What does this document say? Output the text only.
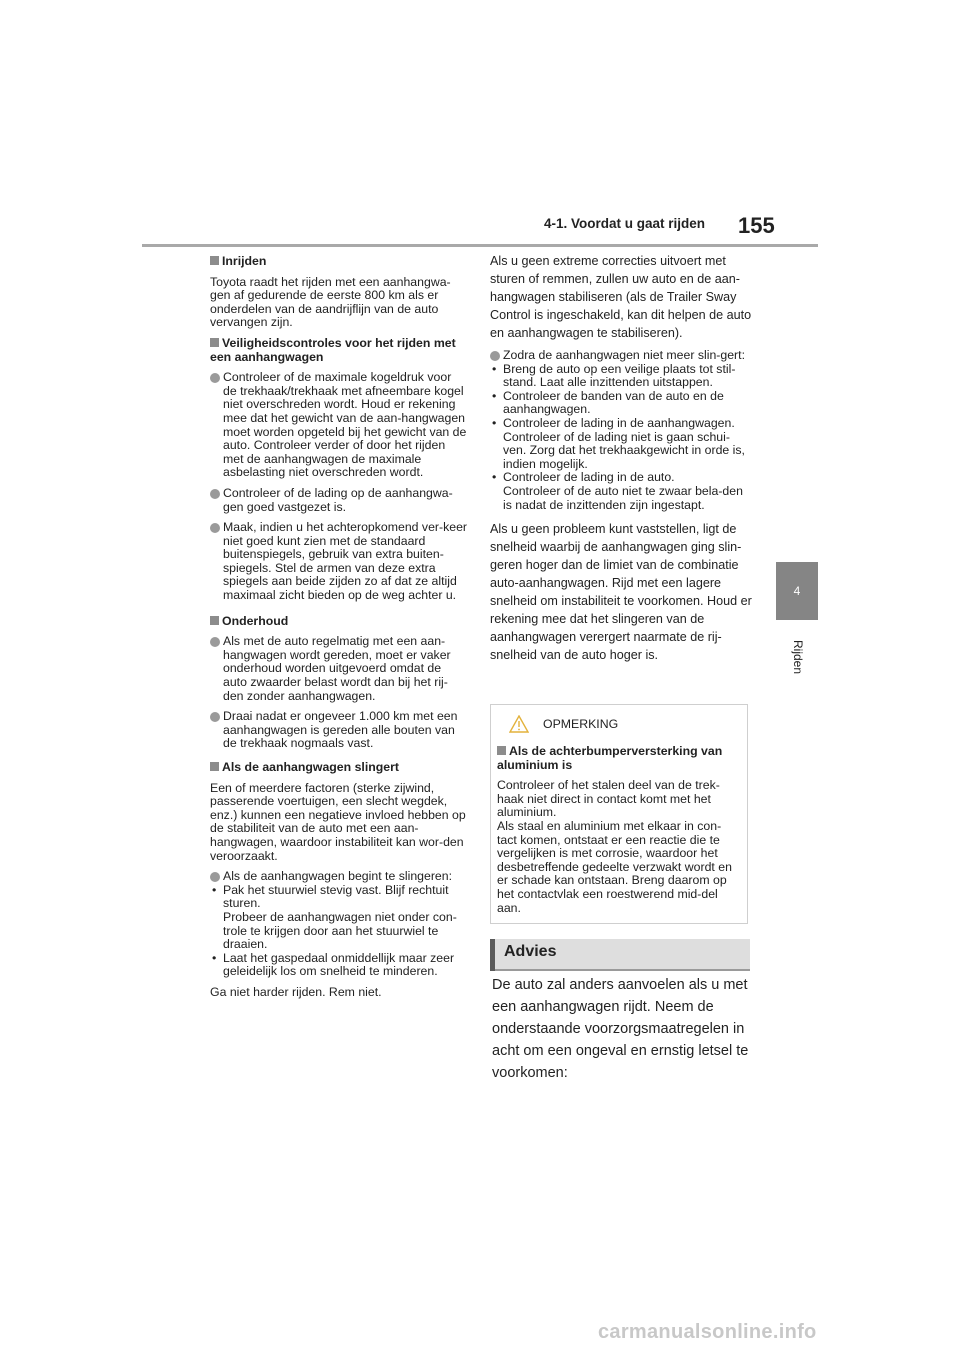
4-1. Voordat u gaat rijden 155
4
Rijden

Inrijden

Toyota raadt het rijden met een aanhangwa-gen af gedurende de eerste 800 km als er onderdelen van de aandrijflijn van de auto vervangen zijn.

Veiligheidscontroles voor het rijden met een aanhangwagen

Controleer of de maximale kogeldruk voor de trekhaak/trekhaak met afneembare kogel niet overschreden wordt. Houd er rekening mee dat het gewicht van de aan-hangwagen moet worden opgeteld bij het gewicht van de auto. Controleer verder of door het rijden met de aanhangwagen de maximale asbelasting niet overschreden wordt.
Controleer of de lading op de aanhangwa-gen goed vastgezet is.
Maak, indien u het achteropkomend ver-keer niet goed kunt zien met de standaard buitenspiegels, gebruik van extra buiten-spiegels. Stel de armen van deze extra spiegels aan beide zijden zo af dat ze altijd maximaal zicht bieden op de weg achter u.

Onderhoud

Als met de auto regelmatig met een aan-hangwagen wordt gereden, moet er vaker onderhoud worden uitgevoerd omdat de auto zwaarder belast wordt dan bij het rij-den zonder aanhangwagen.
Draai nadat er ongeveer 1.000 km met een aanhangwagen is gereden alle bouten van de trekhaak nogmaals vast.

Als de aanhangwagen slingert

Een of meerdere factoren (sterke zijwind, passerende voertuigen, een slecht wegdek, enz.) kunnen een negatieve invloed hebben op de stabiliteit van de auto met een aan-hangwagen, waardoor instabiliteit kan wor-den veroorzaakt.

Als de aanhangwagen begint te slingeren:
• Pak het stuurwiel stevig vast. Blijf rechtuit sturen.
Probeer de aanhangwagen niet onder con-trole te krijgen door aan het stuurwiel te draaien.
• Laat het gaspedaal onmiddellijk maar zeer geleidelijk los om snelheid te minderen.

Ga niet harder rijden. Rem niet.

Als u geen extreme correcties uitvoert met sturen of remmen, zullen uw auto en de aan-hangwagen stabiliseren (als de Trailer Sway Control is ingeschakeld, kan dit helpen de auto en aanhangwagen te stabiliseren).

Zodra de aanhangwagen niet meer slin-gert:
• Breng de auto op een veilige plaats tot stil-stand. Laat alle inzittenden uitstappen.
• Controleer de banden van de auto en de aanhangwagen.
• Controleer de lading in de aanhangwagen.
Controleer of de lading niet is gaan schui-ven. Zorg dat het trekhaakgewicht in orde is, indien mogelijk.
• Controleer de lading in de auto.
Controleer of de auto niet te zwaar bela-den is nadat de inzittenden zijn ingestapt.

Als u geen probleem kunt vaststellen, ligt de snelheid waarbij de aanhangwagen ging slin-geren hoger dan de limiet van de combinatie auto-aanhangwagen. Rijd met een lagere snelheid om instabiliteit te voorkomen. Houd er rekening mee dat het slingeren van de aanhangwagen verergert naarmate de rij-snelheid van de auto hoger is.

OPMERKING

Als de achterbumperversterking van aluminium is

Controleer of het stalen deel van de trek-haak niet direct in contact komt met het aluminium.

Als staal en aluminium met elkaar in con-tact komen, ontstaat er een reactie die te vergelijken is met corrosie, waardoor het desbetreffende gedeelte verzwakt wordt en er schade kan ontstaan. Breng daarom op het contactvlak een roestwerend mid-del aan.

Advies
De auto zal anders aanvoelen als u met een aanhangwagen rijdt. Neem de onderstaande voorzorgsmaatregelen in acht om een ongeval en ernstig letsel te voorkomen:
carmanualsonline.info
